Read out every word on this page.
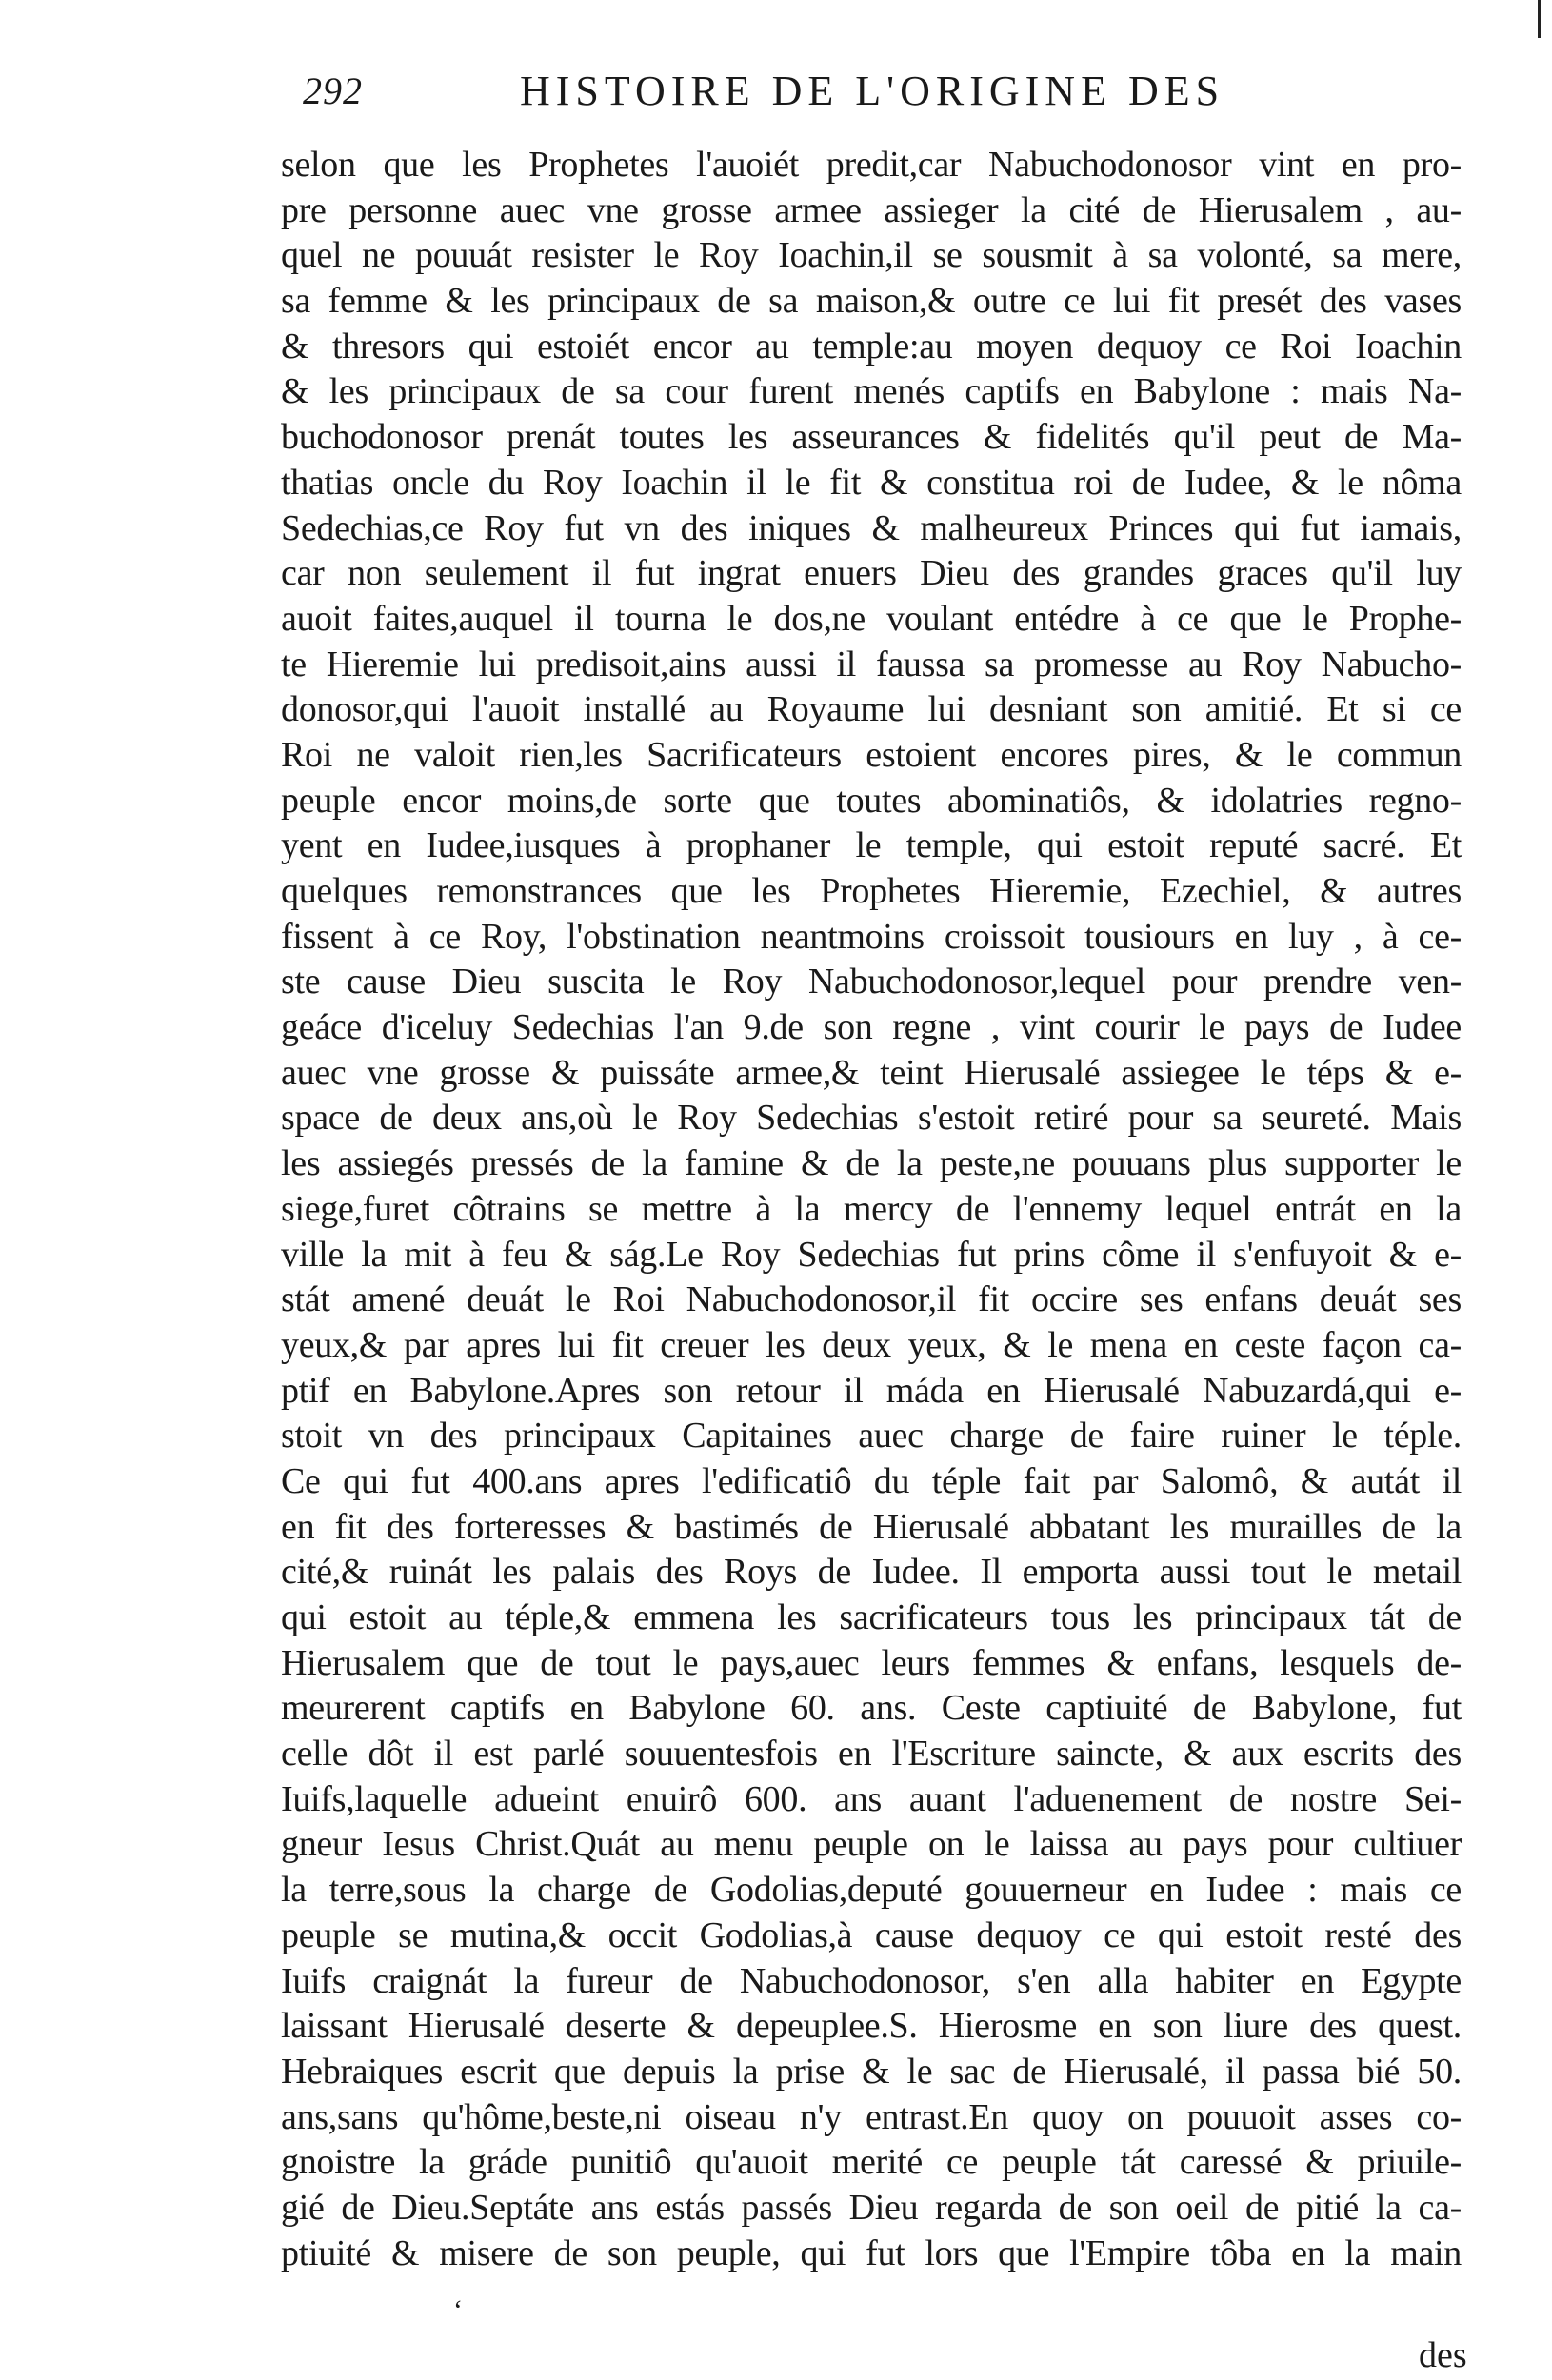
292	HISTOIRE DE L'ORIGINE DES
selon que les Prophetes l'auoiét predit,car Nabuchodonosor vint en pro-
pre personne auec vne grosse armee assieger la cité de Hierusalem , au-
quel ne pouuát resister le Roy Ioachin,il se sousmit à sa volonté, sa mere,
sa femme & les principaux de sa maison,& outre ce lui fit presét des vases
& thresors qui estoiét encor au temple:au moyen dequoy ce Roi Ioachin
& les principaux de sa cour furent menés captifs en Babylone : mais Na-
buchodonosor prenát toutes les asseurances & fidelités qu'il peut de Ma-
thatias oncle du Roy Ioachin il le fit & constitua roi de Iudee, & le nôma
Sedechias,ce Roy fut vn des iniques & malheureux Princes qui fut iamais,
car non seulement il fut ingrat enuers Dieu des grandes graces qu'il luy
auoit faites,auquel il tourna le dos,ne voulant entédre à ce que le Prophe-
te Hieremie lui predisoit,ains aussi il faussa sa promesse au Roy Nabucho-
donosor,qui l'auoit installé au Royaume lui desniant son amitié. Et si ce
Roi ne valoit rien,les Sacrificateurs estoient encores pires, & le commun
peuple encor moins,de sorte que toutes abominatiôs, & idolatries regno-
yent en Iudee,iusques à prophaner le temple, qui estoit reputé sacré. Et
quelques remonstrances que les Prophetes Hieremie, Ezechiel, & autres
fissent à ce Roy, l'obstination neantmoins croissoit tousiours en luy , à ce-
ste cause Dieu suscita le Roy Nabuchodonosor,lequel pour prendre ven-
geáce d'iceluy Sedechias l'an 9.de son regne , vint courir le pays de Iudee
auec vne grosse & puissáte armee,& teint Hierusalé assiegee le téps & e-
space de deux ans,où le Roy Sedechias s'estoit retiré pour sa seureté. Mais
les assiegés pressés de la famine & de la peste,ne pouuans plus supporter le
siege,furet côtrains se mettre à la mercy de l'ennemy lequel entrát en la
ville la mit à feu & ság.Le Roy Sedechias fut prins côme il s'enfuyoit & e-
stát amené deuát le Roi Nabuchodonosor,il fit occire ses enfans deuát ses
yeux,& par apres lui fit creuer les deux yeux, & le mena en ceste façon ca-
ptif en Babylone.Apres son retour il máda en Hierusalé Nabuzardá,qui e-
stoit vn des principaux Capitaines auec charge de faire ruiner le téple.
Ce qui fut 400.ans apres l'edificatiô du téple fait par Salomô, & autát il
en fit des forteresses & bastimés de Hierusalé abbatant les murailles de la
cité,& ruinát les palais des Roys de Iudee. Il emporta aussi tout le metail
qui estoit au téple,& emmena les sacrificateurs tous les principaux tát de
Hierusalem que de tout le pays,auec leurs femmes & enfans, lesquels de-
meurerent captifs en Babylone 60. ans. Ceste captiuité de Babylone, fut
celle dôt il est parlé souuentesfois en l'Escriture saincte, & aux escrits des
Iuifs,laquelle adueint enuirô 600. ans auant l'aduenement de nostre Sei-
gneur Iesus Christ.Quát au menu peuple on le laissa au pays pour cultiuer
la terre,sous la charge de Godolias,deputé gouuerneur en Iudee : mais ce
peuple se mutina,& occit Godolias,à cause dequoy ce qui estoit resté des
Iuifs craignát la fureur de Nabuchodonosor, s'en alla habiter en Egypte
laissant Hierusalé deserte & depeuplee.S. Hierosme en son liure des quest.
Hebraiques escrit que depuis la prise & le sac de Hierusalé, il passa bié 50.
ans,sans qu'hôme,beste,ni oiseau n'y entrast.En quoy on pouuoit asses co-
gnoistre la gráde punitiô qu'auoit merité ce peuple tát caressé & priuile-
gié de Dieu.Septáte ans estás passés Dieu regarda de son oeil de pitié la ca-
ptiuité & misere de son peuple, qui fut lors que l'Empire tôba en la main
ʻ
des
